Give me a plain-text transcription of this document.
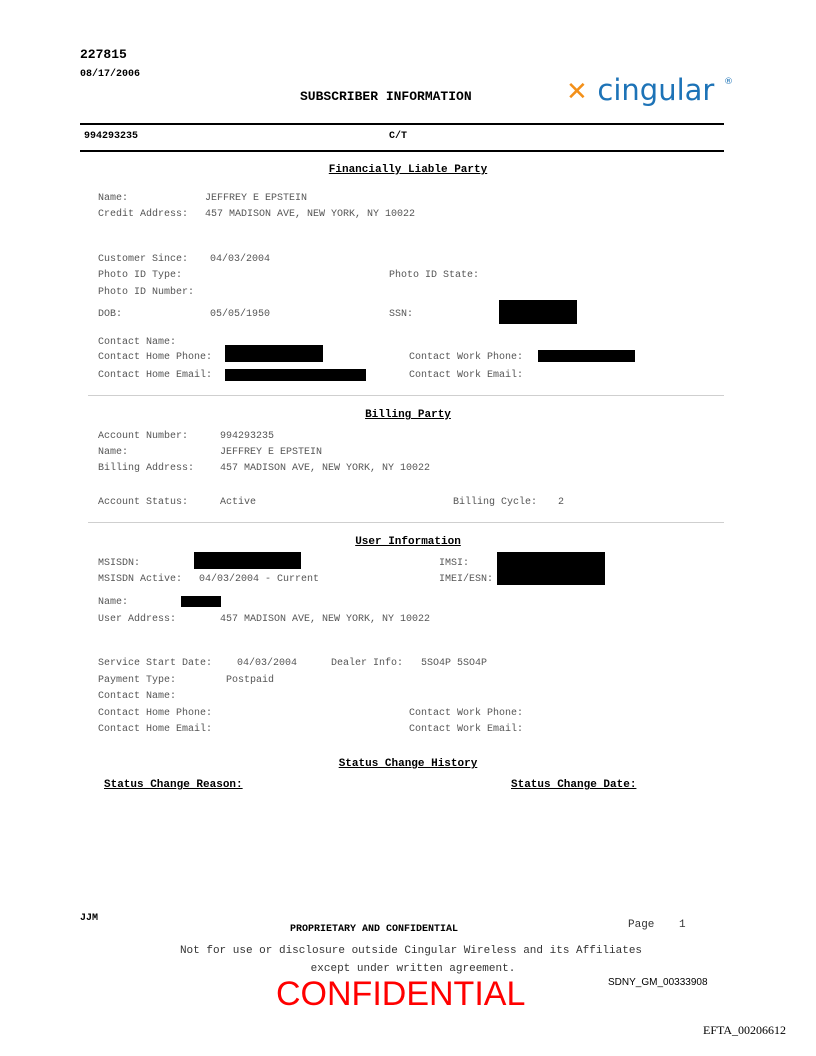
227815
08/17/2006
SUBSCRIBER INFORMATION	✕ cingular ®
994293235	C/T
Financially Liable Party
Name:	JEFFREY E EPSTEIN
Credit Address: 457 MADISON AVE, NEW YORK, NY 10022
Customer Since: 04/03/2004
Photo ID Type:	Photo ID State:
Photo ID Number:
DOB:	05/05/1950	SSN:
Contact Name:
Contact Home Phone:	Contact Work Phone:
Contact Home Email:	Contact Work Email:
Billing Party
Account Number:	994293235
Name:	JEFFREY E EPSTEIN
Billing Address:	457 MADISON AVE, NEW YORK, NY 10022
Account Status:	Active	Billing Cycle: 2
User Information
MSISDN:	IMSI:
MSISDN Active: 04/03/2004 - Current	IMEI/ESN:
Name:
User Address:	457 MADISON AVE, NEW YORK, NY 10022
Service Start Date: 04/03/2004	Dealer Info: 5SO4P 5SO4P
Payment Type:	Postpaid
Contact Name:
Contact Home Phone:	Contact Work Phone:
Contact Home Email:	Contact Work Email:
Status Change History
Status Change Reason:	Status Change Date:
JJM
PROPRIETARY AND CONFIDENTIAL	Page 1
Not for use or disclosure outside Cingular Wireless and its Affiliates
except under written agreement.
CONFIDENTIAL	SDNY_GM_00333908
EFTA_00206612
